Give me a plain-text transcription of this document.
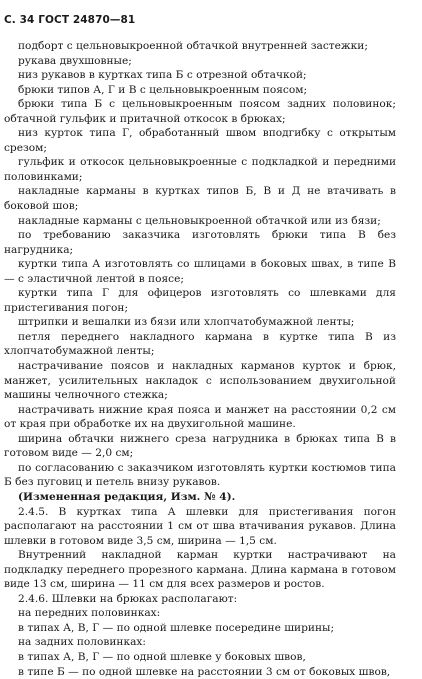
С. 34 ГОСТ 24870—81

подборт с цельновыкроенной обтачкой внутренней застежки;

рукава двухшовные;

низ рукавов в куртках типа Б с отрезной обтачкой;

брюки типов А, Г и В с цельновыкроенным поясом;

брюки типа Б с цельновыкроенным поясом задних половинок; обтачной гульфик и притачной откосок в брюках;

низ курток типа Г, обработанный швом вподгибку с открытым срезом;

гульфик и откосок цельновыкроенные с подкладкой и передними половинками;

накладные карманы в куртках типов Б, В и Д не втачивать в боковой шов;

накладные карманы с цельновыкроенной обтачкой или из бязи;

по требованию заказчика изготовлять брюки типа В без нагрудника;

куртки типа А изготовлять со шлицами в боковых швах, в типе В — с эластичной лентой в поясе;

куртки типа Г для офицеров изготовлять со шлевками для пристегивания погон;

штрипки и вешалки из бязи или хлопчатобумажной ленты;

петля переднего накладного кармана в куртке типа В из хлопчатобумажной ленты;

настрачивание поясов и накладных карманов курток и брюк, манжет, усилительных накладок с использованием двухигольной машины челночного стежка;

настрачивать нижние края пояса и манжет на расстоянии 0,2 см от края при обработке их на двухигольной машине.

ширина обтачки нижнего среза нагрудника в брюках типа В в готовом виде — 2,0 см;

по согласованию с заказчиком изготовлять куртки костюмов типа Б без пуговиц и петель внизу рукавов.

(Измененная редакция, Изм. № 4).

2.4.5. В куртках типа А шлевки для пристегивания погон располагают на расстоянии 1 см от шва втачивания рукавов. Длина шлевки в готовом виде 3,5 см, ширина — 1,5 см.

Внутренний накладной карман куртки настрачивают на подкладку переднего прорезного кармана. Длина кармана в готовом виде 13 см, ширина — 11 см для всех размеров и ростов.

2.4.6. Шлевки на брюках располагают:

на передних половинках:

в типах А, В, Г — по одной шлевке посередине ширины;

на задних половинках:

в типах А, В, Г — по одной шлевке у боковых швов,

в типе Б — по одной шлевке на расстоянии 3 см от боковых швов,
